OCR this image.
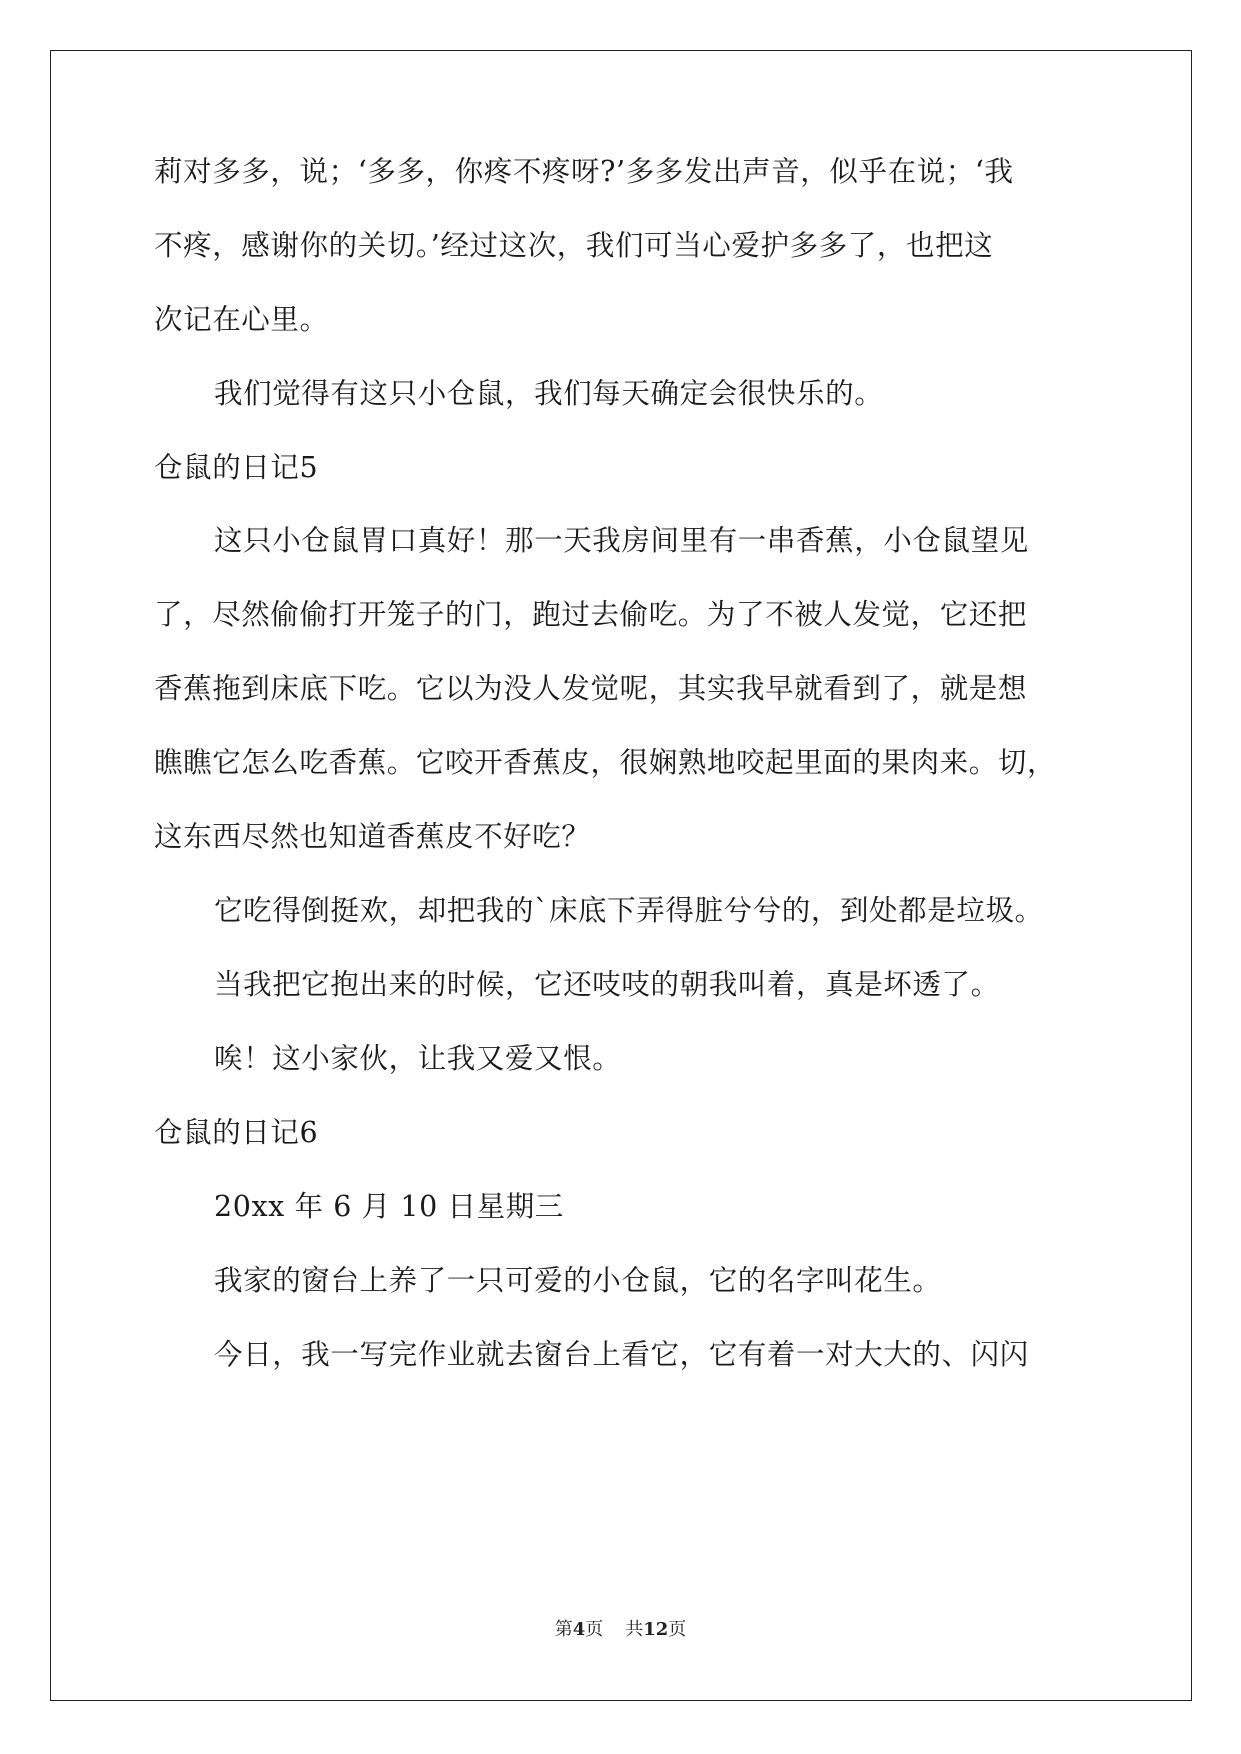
莉对多多，说；‘多多，你疼不疼呀?’多多发出声音，似乎在说；‘我
不疼，感谢你的关切。’经过这次，我们可当心爱护多多了，也把这
次记在心里。
我们觉得有这只小仓鼠，我们每天确定会很快乐的。
仓鼠的日记5
这只小仓鼠胃口真好！那一天我房间里有一串香蕉，小仓鼠望见
了，尽然偷偷打开笼子的门，跑过去偷吃。为了不被人发觉，它还把
香蕉拖到床底下吃。它以为没人发觉呢，其实我早就看到了，就是想
瞧瞧它怎么吃香蕉。它咬开香蕉皮，很娴熟地咬起里面的果肉来。切，
这东西尽然也知道香蕉皮不好吃？
它吃得倒挺欢，却把我的`床底下弄得脏兮兮的，到处都是垃圾。
当我把它抱出来的时候，它还吱吱的朝我叫着，真是坏透了。
唉！这小家伙，让我又爱又恨。
仓鼠的日记6
20xx 年 6 月 10 日星期三
我家的窗台上养了一只可爱的小仓鼠，它的名字叫花生。
今日，我一写完作业就去窗台上看它，它有着一对大大的、闪闪
第4页 共12页
